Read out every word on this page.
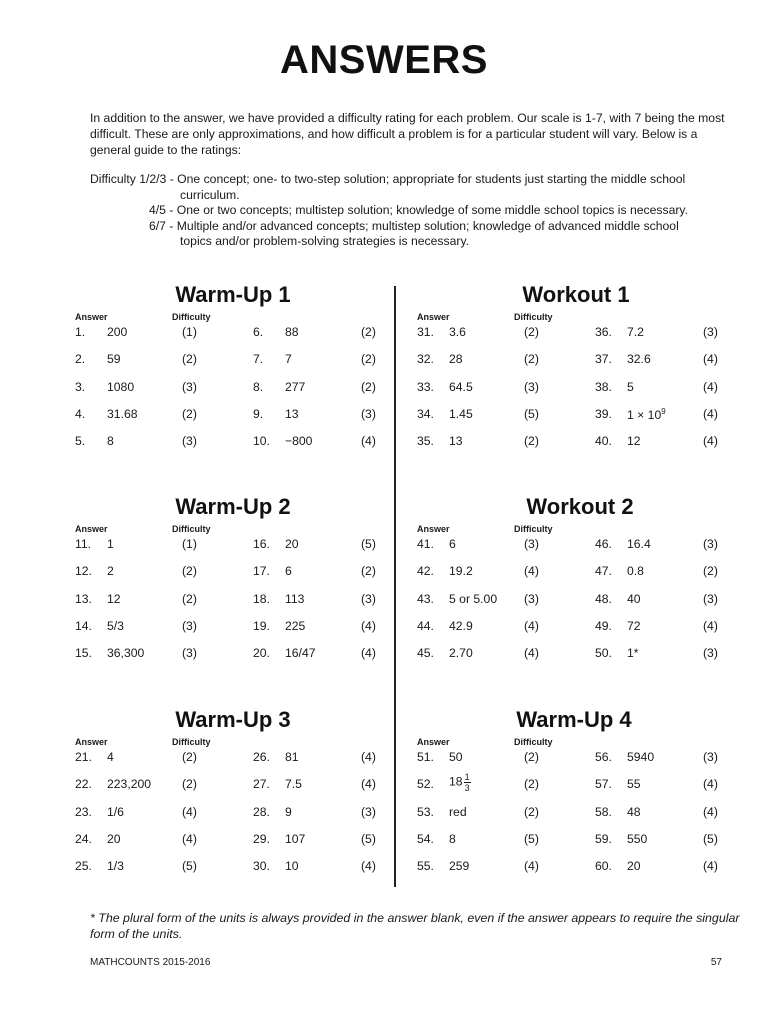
ANSWERS
In addition to the answer, we have provided a difficulty rating for each problem. Our scale is 1-7, with 7 being the most difficult. These are only approximations, and how difficult a problem is for a particular student will vary. Below is a general guide to the ratings:
Difficulty 1/2/3 - One concept; one- to two-step solution; appropriate for students just starting the middle school
curriculum.
4/5 - One or two concepts; multistep solution; knowledge of some middle school topics is necessary.
6/7 - Multiple and/or advanced concepts; multistep solution; knowledge of advanced middle school
topics and/or problem-solving strategies is necessary.
Warm-Up 1
Answer	Difficulty
1. 200	(1)	6. 88	(2)
2. 59	(2)	7. 7	(2)
3. 1080	(3)	8. 277	(2)
4. 31.68	(2)	9. 13	(3)
5. 8	(3)	10. −800	(4)
Workout 1
Answer	Difficulty
31. 3.6	(2)	36. 7.2	(3)
32. 28	(2)	37. 32.6	(4)
33. 64.5	(3)	38. 5	(4)
34. 1.45	(5)	39. $1 \times 10^9$	(4)
35. 13	(2)	40. 12	(4)
Warm-Up 2
Answer	Difficulty
11. 1	(1)	16. 20	(5)
12. 2	(2)	17. 6	(2)
13. 12	(2)	18. 113	(3)
14. 5/3	(3)	19. 225	(4)
15. 36,300	(3)	20. 16/47	(4)
Workout 2
Answer	Difficulty
41. 6	(3)	46. 16.4	(3)
42. 19.2	(4)	47. 0.8	(2)
43. 5 or 5.00 (3)	48. 40	(3)
44. 42.9	(4)	49. 72	(4)
45. 2.70	(4)	50. 1*	(3)
Warm-Up 3
Answer	Difficulty
21. 4	(2)	26. 81	(4)
22. 223,200	(2)	27. 7.5	(4)
23. 1/6	(4)	28. 9	(3)
24. 20	(4)	29. 107	(5)
25. 1/3	(5)	30. 10	(4)
Warm-Up 4
Answer	Difficulty
51. 50	(2)	56. 5940	(3)
52. $18 \frac{1}{3}$	(2)	57. 55	(4)
53. red	(2)	58. 48	(4)
54. 8	(5)	59. 550	(5)
55. 259	(4)	60. 20	(4)
* The plural form of the units is always provided in the answer blank, even if the answer appears to require the singular form of the units.
MATHCOUNTS 2015-2016	57
